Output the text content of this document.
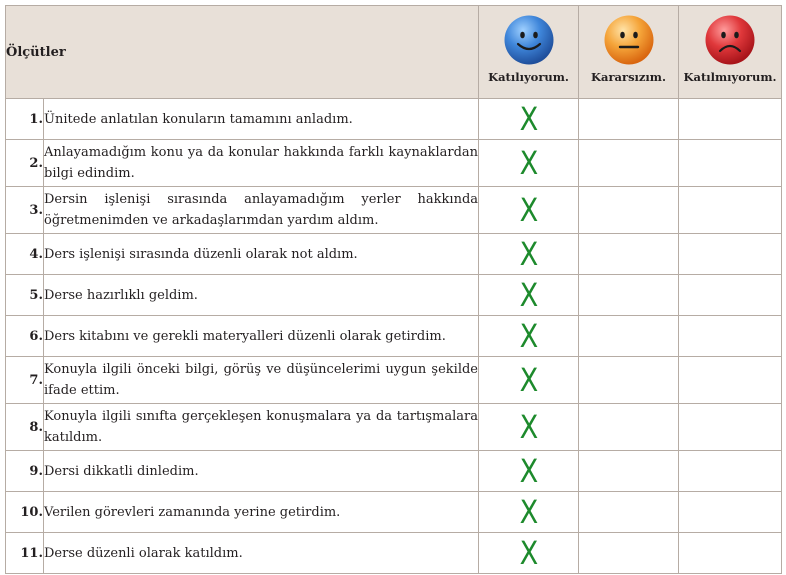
Ölçütler		Katılıyorum.	Kararsızım.	Katılmıyorum.

1.	Ünitede anlatılan konuların tamamını anladım.	X		
2.	Anlayamadığım konu ya da konular hakkında farklı kaynaklardan bilgi edindim.	X		
3.	Dersin işlenişi sırasında anlayamadığım yerler hakkında öğretmenimden ve arkadaşlarımdan yardım aldım.	X		
4.	Ders işlenişi sırasında düzenli olarak not aldım.	X		
5.	Derse hazırlıklı geldim.	X		
6.	Ders kitabını ve gerekli materyalleri düzenli olarak getirdim.	X		
7.	Konuyla ilgili önceki bilgi, görüş ve düşüncelerimi uygun şekilde ifade ettim.	X		
8.	Konuyla ilgili sınıfta gerçekleşen konuşmalara ya da tartışmalara katıldım.	X		
9.	Dersi dikkatli dinledim.	X		
10.	Verilen görevleri zamanında yerine getirdim.	X		
11.	Derse düzenli olarak katıldım.	X		
